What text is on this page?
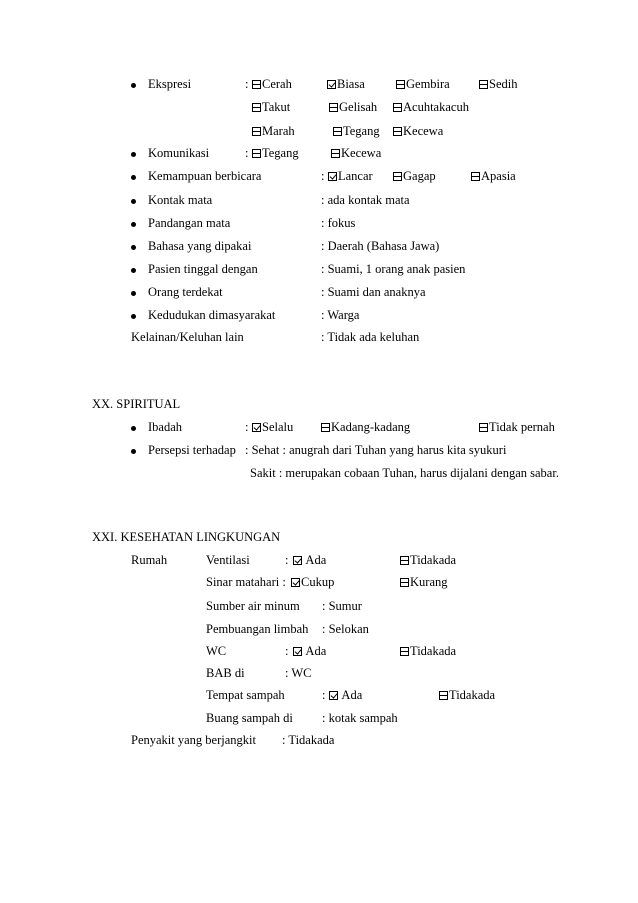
Ekspresi	:	Cerah	Biasa	Gembira	Sedih
Takut	Gelisah	Acuhtakacuh
Marah	Tegang	Kecewa
Komunikasi	:	Tegang	Kecewa
Kemampuan berbicara	:	Lancar	Gagap	Apasia
Kontak mata	: ada kontak mata
Pandangan mata	: fokus
Bahasa yang dipakai	: Daerah (Bahasa Jawa)
Pasien tinggal dengan	: Suami, 1 orang anak pasien
Orang terdekat	: Suami dan anaknya
Kedudukan dimasyarakat	: Warga
Kelainan/Keluhan lain	: Tidak ada keluhan
XX. SPIRITUAL
Ibadah	:	Selalu	Kadang-kadang	Tidak pernah
Persepsi terhadap : Sehat : anugrah dari Tuhan yang harus kita syukuri
Sakit : merupakan cobaan Tuhan, harus dijalani dengan sabar.
XXI. KESEHATAN LINGKUNGAN
Rumah	Ventilasi	:	Ada	Tidakada
Sinar matahari :	Cukup	Kurang
Sumber air minum : Sumur
Pembuangan limbah : Selokan
WC	:	Ada	Tidakada
BAB di	: WC
Tempat sampah	:	Ada	Tidakada
Buang sampah di : kotak sampah
Penyakit yang berjangkit : Tidakada
